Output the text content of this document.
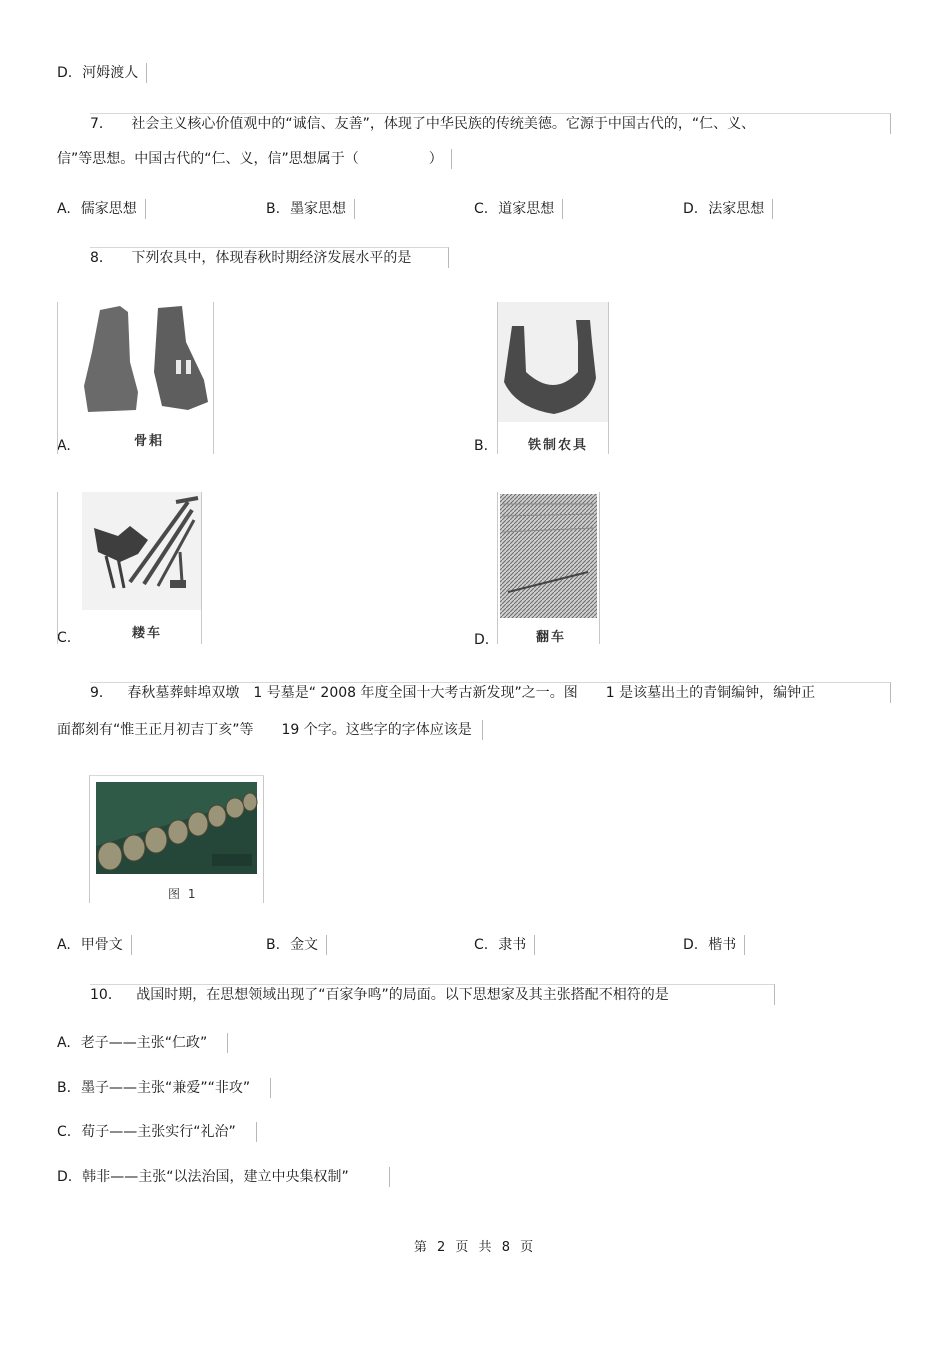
D. 河姆渡人
7． 社会主义核心价值观中的“诚信、友善”，体现了中华民族的传统美德。它源于中国古代的，“仁、义、
信”等思想。中国古代的“仁、义，信”思想属于（　　　　　）
A. 儒家思想	B. 墨家思想	C. 道家思想	D. 法家思想
8． 下列农具中，体现春秋时期经济发展水平的是
A.	骨耜	B.	铁制农具
C.	耧车	D.	翻车
9． 春秋墓葬蚌埠双墩　1 号墓是“ 2008 年度全国十大考古新发现”之一。图　　1 是该墓出土的青铜编钟，编钟正
面都刻有“惟王正月初吉丁亥”等　　19 个字。这些字的字体应该是
图 1
A. 甲骨文	B. 金文	C. 隶书	D. 楷书
10． 战国时期，在思想领域出现了“百家争鸣”的局面。以下思想家及其主张搭配不相符的是
A. 老子——主张“仁政”
B. 墨子——主张“兼爱”“非攻”
C. 荀子——主张实行“礼治”
D. 韩非——主张“以法治国，建立中央集权制”
第 2 页 共 8 页
